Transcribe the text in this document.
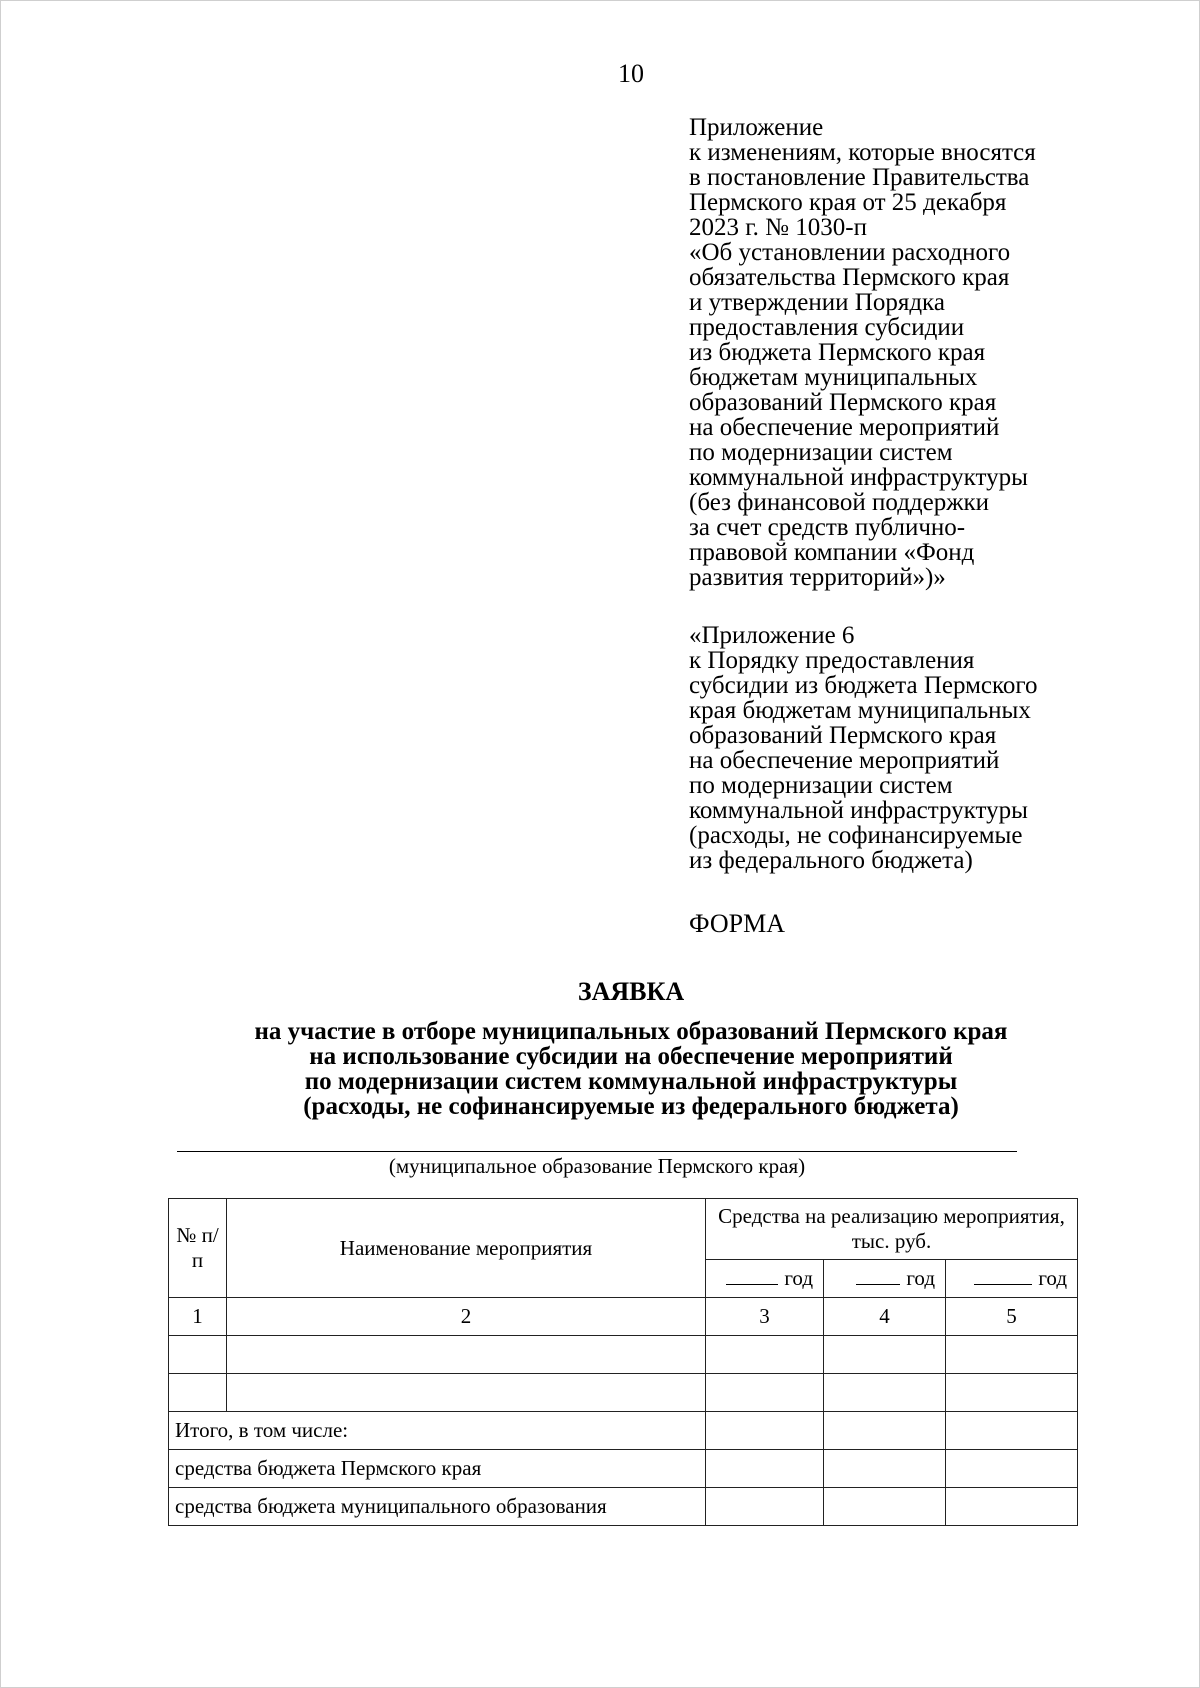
10
Приложение
к изменениям, которые вносятся
в постановление Правительства
Пермского края от 25 декабря
2023 г. № 1030-п
«Об установлении расходного
обязательства Пермского края
и утверждении Порядка
предоставления субсидии
из бюджета Пермского края
бюджетам муниципальных
образований Пермского края
на обеспечение мероприятий
по модернизации систем
коммунальной инфраструктуры
(без финансовой поддержки
за счет средств публично-
правовой компании «Фонд
развития территорий»)»
«Приложение 6
к Порядку предоставления
субсидии из бюджета Пермского
края бюджетам муниципальных
образований Пермского края
на обеспечение мероприятий
по модернизации систем
коммунальной инфраструктуры
(расходы, не софинансируемые
из федерального бюджета)
ФОРМА
ЗАЯВКА
на участие в отборе муниципальных образований Пермского края
на использование субсидии на обеспечение мероприятий
по модернизации систем коммунальной инфраструктуры
(расходы, не софинансируемые из федерального бюджета)
(муниципальное образование Пермского края)
№ п/п	Наименование мероприятия	Средства на реализацию мероприятия, тыс. руб.		
		год	год	год
1	2	3	4	5

Итого, в том числе:				
средства бюджета Пермского края				
средства бюджета муниципального образования				
